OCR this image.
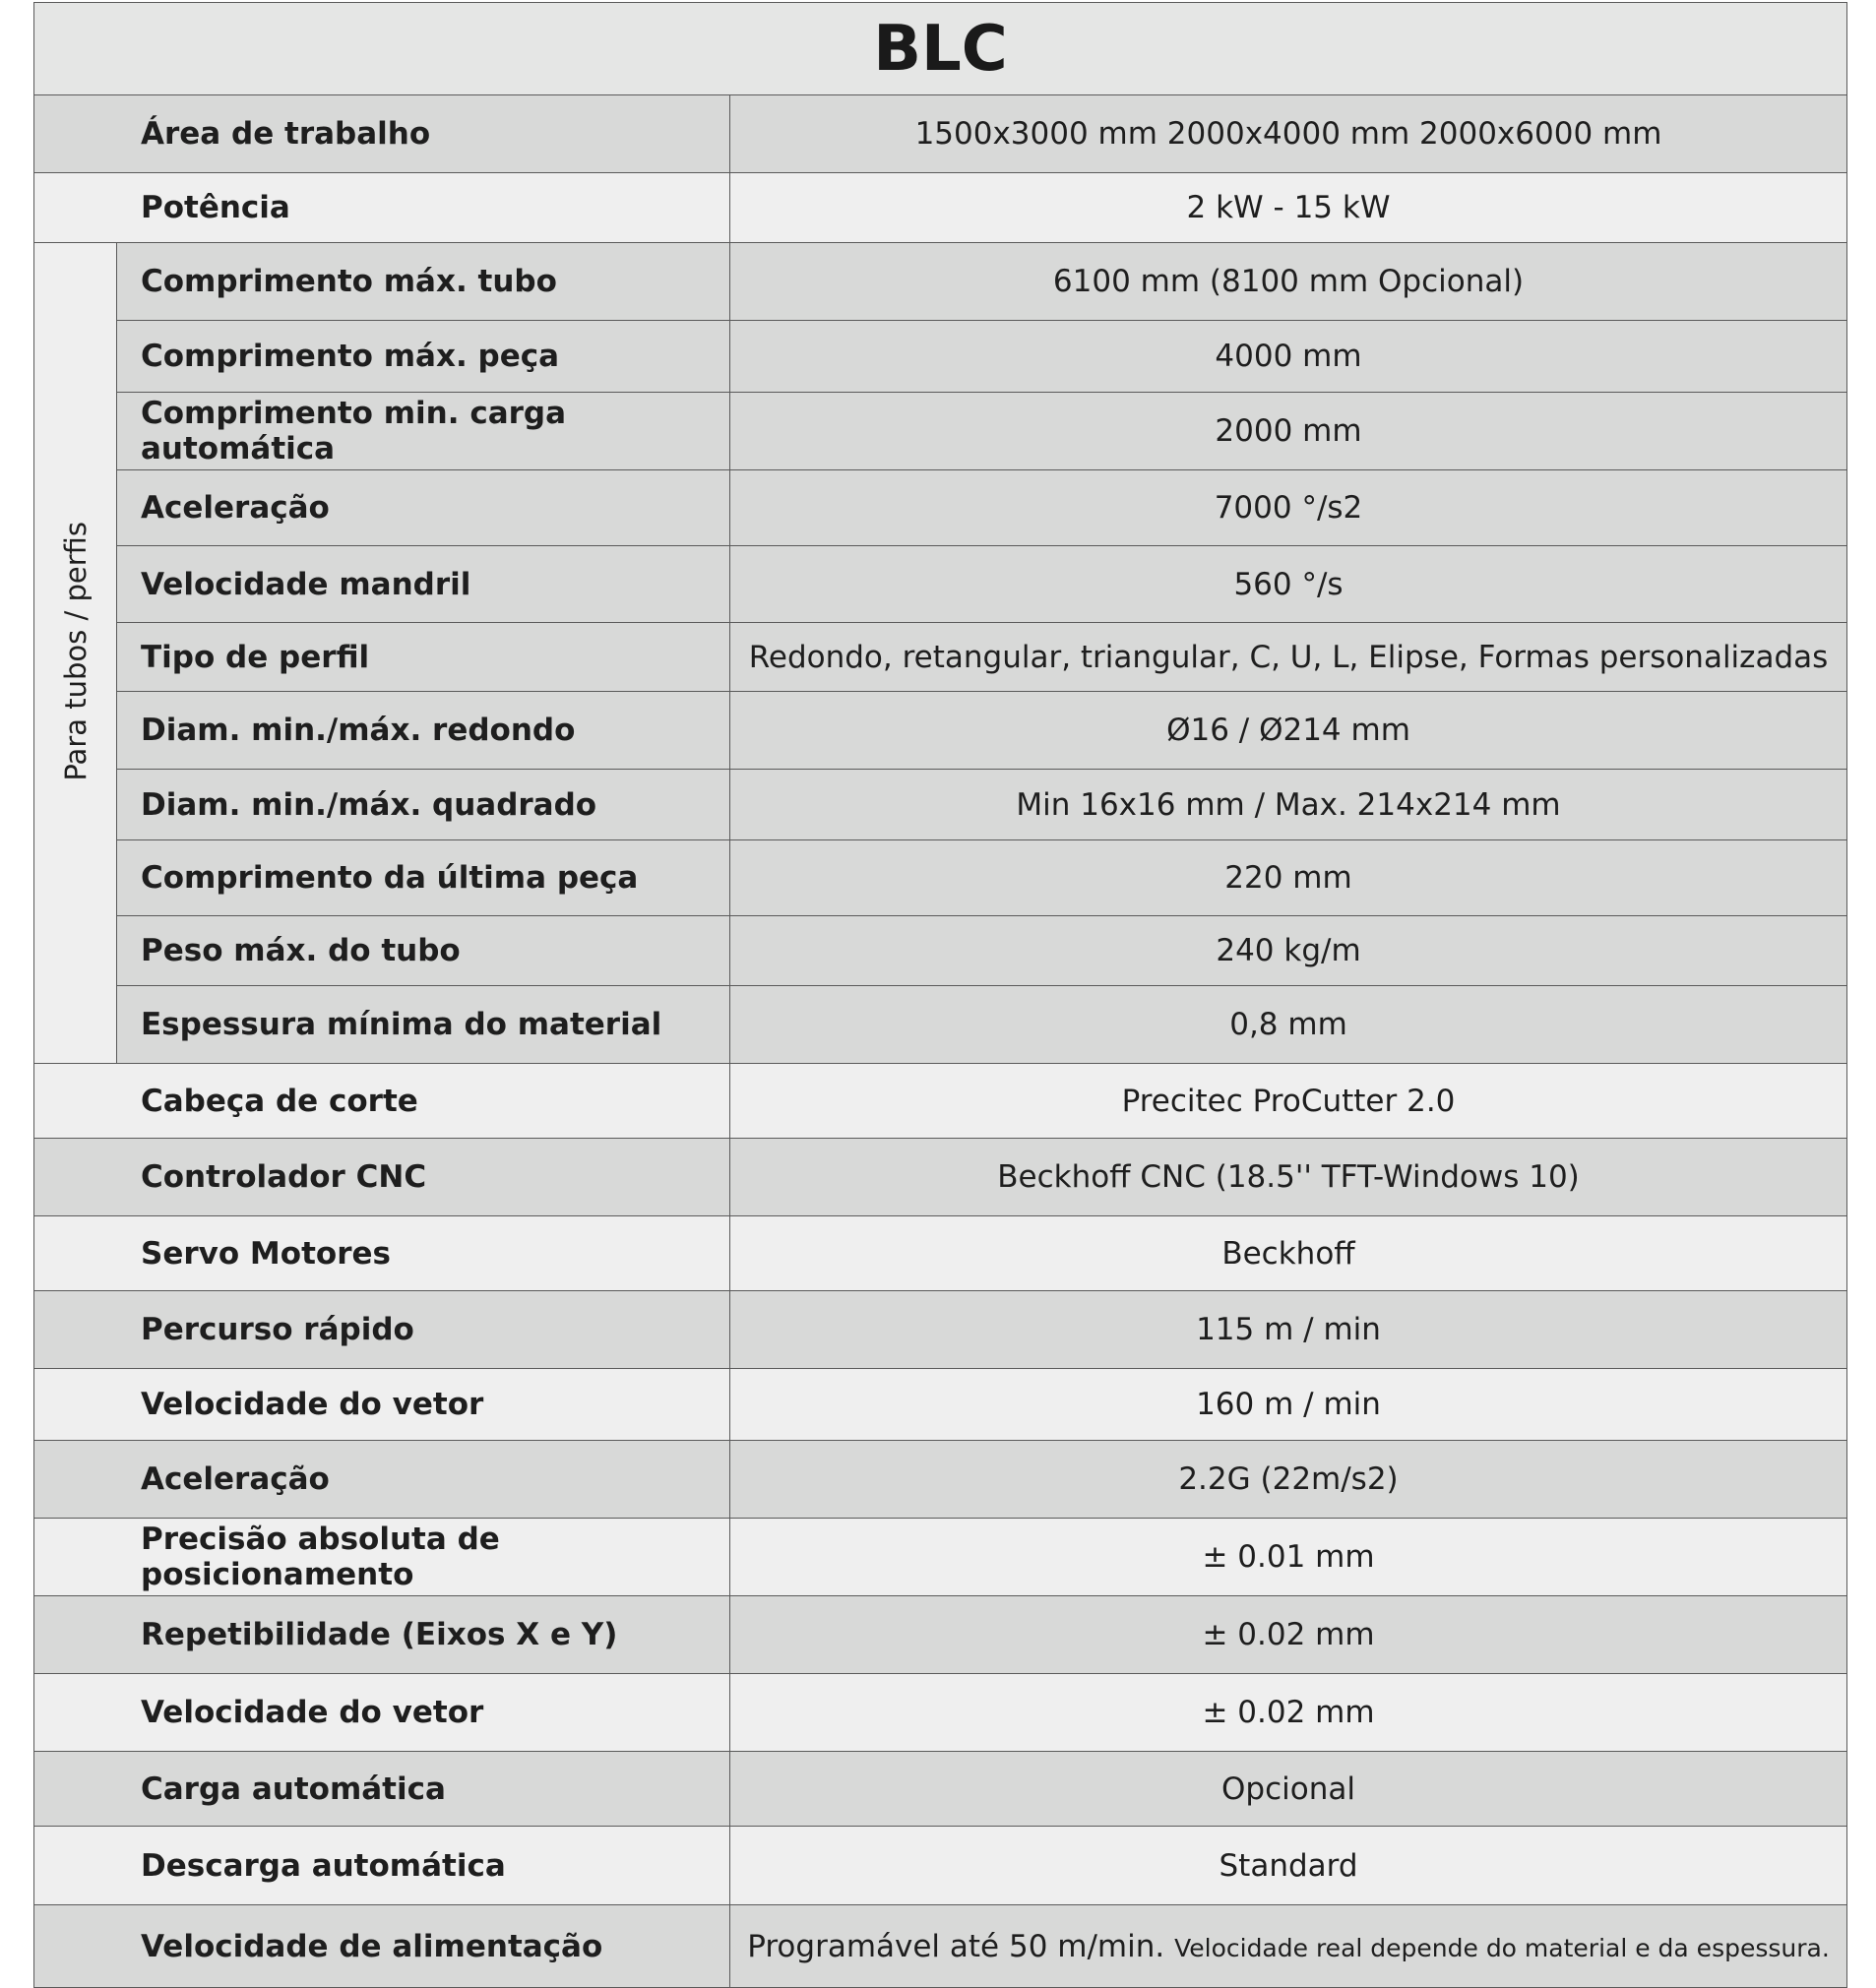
BLC		
Área de trabalho		1500x3000 mm 2000x4000 mm 2000x6000 mm
Potência		2 kW - 15 kW
Para tubos / perfis	Comprimento máx. tubo	6100 mm (8100 mm Opcional)
	Comprimento máx. peça	4000 mm
	Comprimento min. carga automática	2000 mm
	Aceleração	7000 °/s2
	Velocidade mandril	560 °/s
	Tipo de perfil	Redondo, retangular, triangular, C, U, L, Elipse, Formas personalizadas
	Diam. min./máx. redondo	Ø16 / Ø214 mm
	Diam. min./máx. quadrado	Min 16x16 mm / Max. 214x214 mm
	Comprimento da última peça	220 mm
	Peso máx. do tubo	240 kg/m
	Espessura mínima do material	0,8 mm
Cabeça de corte		Precitec ProCutter 2.0
Controlador CNC		Beckhoff CNC (18.5'' TFT-Windows 10)
Servo Motores		Beckhoff
Percurso rápido		115 m / min
Velocidade do vetor		160 m / min
Aceleração		2.2G (22m/s2)
Precisão absoluta de posicionamento		± 0.01 mm
Repetibilidade (Eixos X e Y)		± 0.02 mm
Velocidade do vetor		± 0.02 mm
Carga automática		Opcional
Descarga automática		Standard
Velocidade de alimentação		Programável até 50 m/min. Velocidade real depende do material e da espessura.
